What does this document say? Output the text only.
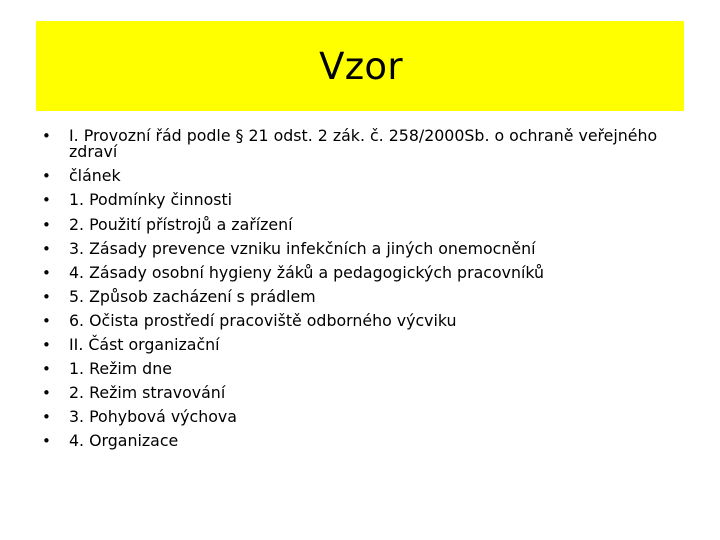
Vzor
•	I. Provozní řád podle § 21 odst. 2 zák. č. 258/2000Sb. o ochraně veřejného zdraví
•	článek
•	1. Podmínky činnosti
•	2. Použití přístrojů a zařízení
•	3. Zásady prevence vzniku infekčních a jiných onemocnění
•	4. Zásady osobní hygieny žáků a pedagogických pracovníků
•	5. Způsob zacházení s prádlem
•	6. Očista prostředí pracoviště odborného výcviku
•	II. Část organizační
•	1. Režim dne
•	2. Režim stravování
•	3. Pohybová výchova
•	4. Organizace
